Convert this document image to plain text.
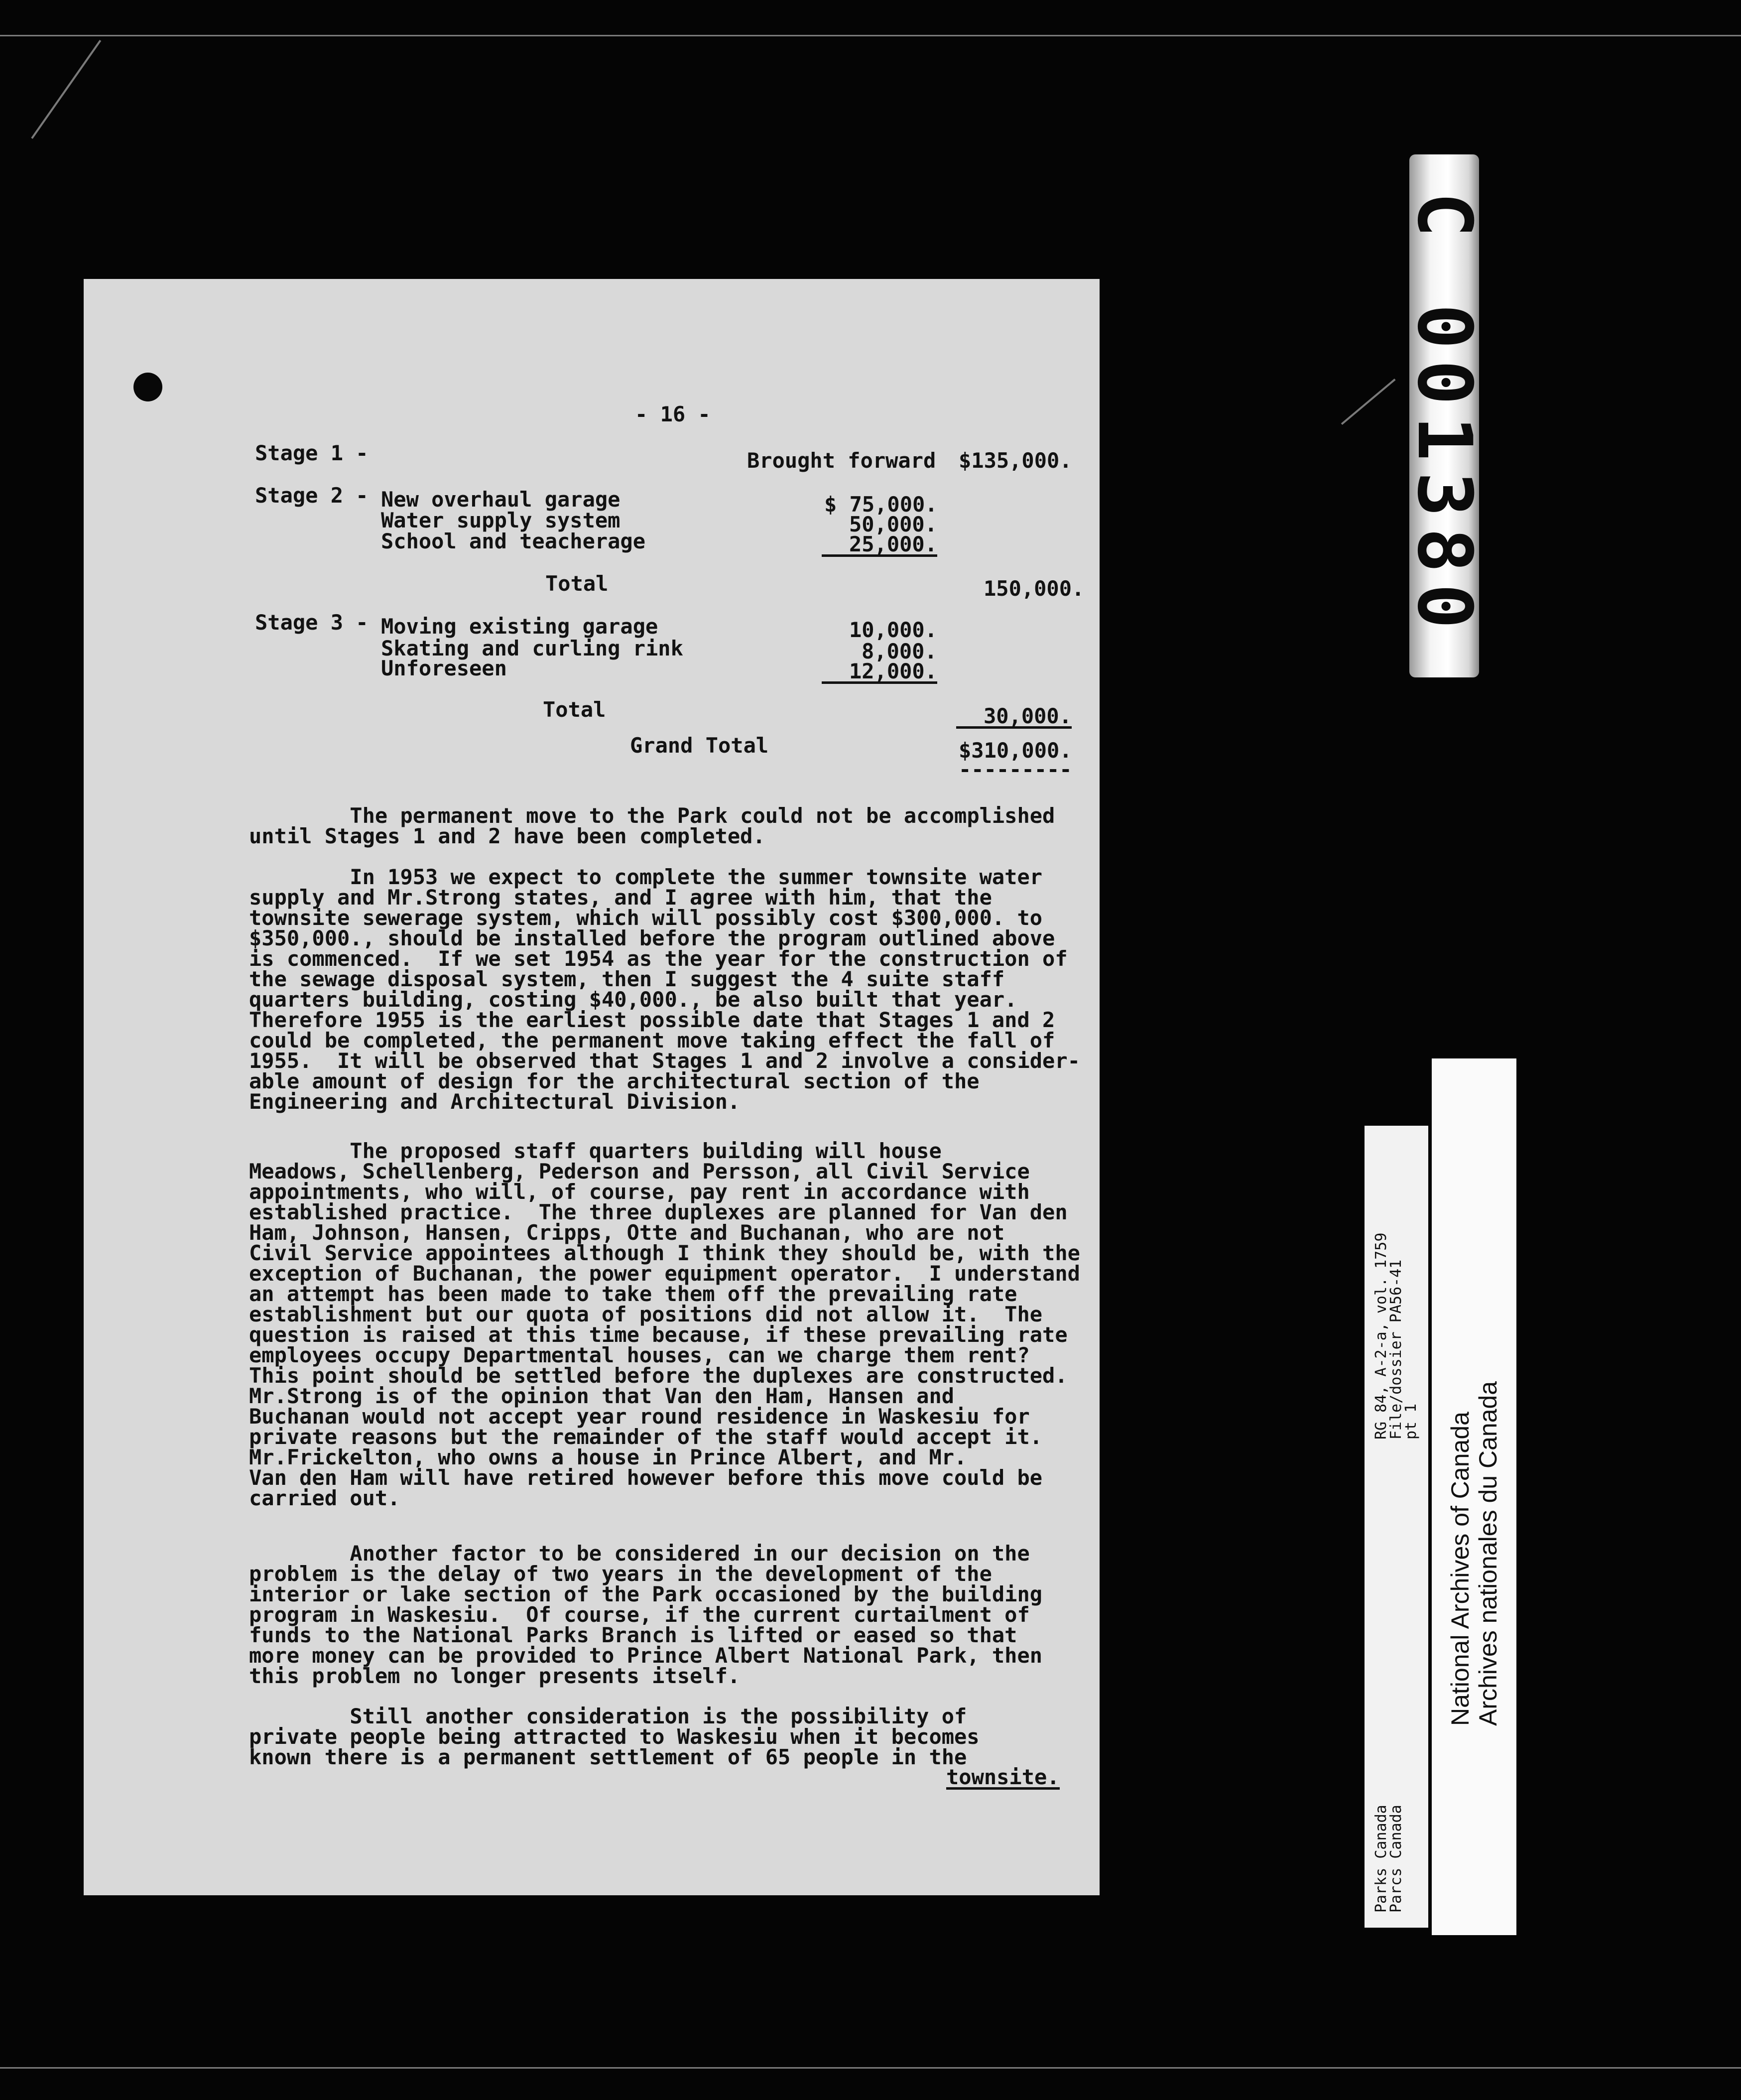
- 16 -
Stage 1 -	Brought forward $135,000.
Stage 2 - New overhaul garage	$ 75,000.
Water supply system	50,000.
School and teacherage	25,000.
Total	150,000.
Stage 3 - Moving existing garage	10,000.
Skating and curling rink	8,000.
Unforeseen	12,000.
Total	30,000.
Grand Total	$310,000.
---------
The permanent move to the Park could not be accomplished
until Stages 1 and 2 have been completed.
In 1953 we expect to complete the summer townsite water
supply and Mr.Strong states, and I agree with him, that the
townsite sewerage system, which will possibly cost $300,000. to
$350,000., should be installed before the program outlined above
is commenced.  If we set 1954 as the year for the construction of
the sewage disposal system, then I suggest the 4 suite staff
quarters building, costing $40,000., be also built that year.
Therefore 1955 is the earliest possible date that Stages 1 and 2
could be completed, the permanent move taking effect the fall of
1955.  It will be observed that Stages 1 and 2 involve a consider-
able amount of design for the architectural section of the
Engineering and Architectural Division.
The proposed staff quarters building will house
Meadows, Schellenberg, Pederson and Persson, all Civil Service
appointments, who will, of course, pay rent in accordance with
established practice.  The three duplexes are planned for Van den
Ham, Johnson, Hansen, Cripps, Otte and Buchanan, who are not
Civil Service appointees although I think they should be, with the
exception of Buchanan, the power equipment operator.  I understand
an attempt has been made to take them off the prevailing rate
establishment but our quota of positions did not allow it.  The
question is raised at this time because, if these prevailing rate
employees occupy Departmental houses, can we charge them rent?
This point should be settled before the duplexes are constructed.
Mr.Strong is of the opinion that Van den Ham, Hansen and
Buchanan would not accept year round residence in Waskesiu for
private reasons but the remainder of the staff would accept it.
Mr.Frickelton, who owns a house in Prince Albert, and Mr.
Van den Ham will have retired however before this move could be
carried out.
Another factor to be considered in our decision on the
problem is the delay of two years in the development of the
interior or lake section of the Park occasioned by the building
program in Waskesiu.  Of course, if the current curtailment of
funds to the National Parks Branch is lifted or eased so that
more money can be provided to Prince Albert National Park, then
this problem no longer presents itself.
Still another consideration is the possibility of
private people being attracted to Waskesiu when it becomes
known there is a permanent settlement of 65 people in the
townsite.
C 001380
RG 84, A-2-a, vol. 1759
File/dossier PA56-41
pt 1
Parks Canada
Parcs Canada
National Archives of Canada Archives nationales du Canada
